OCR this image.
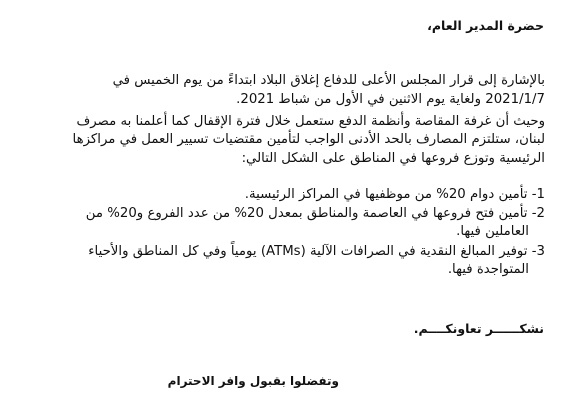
حضرة المدير العام،

بالإشارة إلى قرار المجلس الأعلى للدفاع إغلاق البلاد ابتداءً من يوم الخميس في

2021/1/7 ولغاية يوم الاثنين في الأول من شباط 2021.

وحيث أن غرفة المقاصة وأنظمة الدفع ستعمل خلال فترة الإقفال كما أعلمنا به مصرف

لبنان، ستلتزم المصارف بالحد الأدنى الواجب لتأمين مقتضيات تسيير العمل في مراكزها

الرئيسية وتوزع فروعها في المناطق على الشكل التالي:

1- تأمين دوام 20% من موظفيها في المراكز الرئيسية.

2- تأمين فتح فروعها في العاصمة والمناطق بمعدل 20% من عدد الفروع و20% من

العاملين فيها.

3- توفير المبالغ النقدية في الصرافات الآلية (ATMs) يومياً وفي كل المناطق والأحياء

المتواجدة فيها.

نشكــــــر تعاونكــــم.

وتفضلوا بقبول وافر الاحترام
